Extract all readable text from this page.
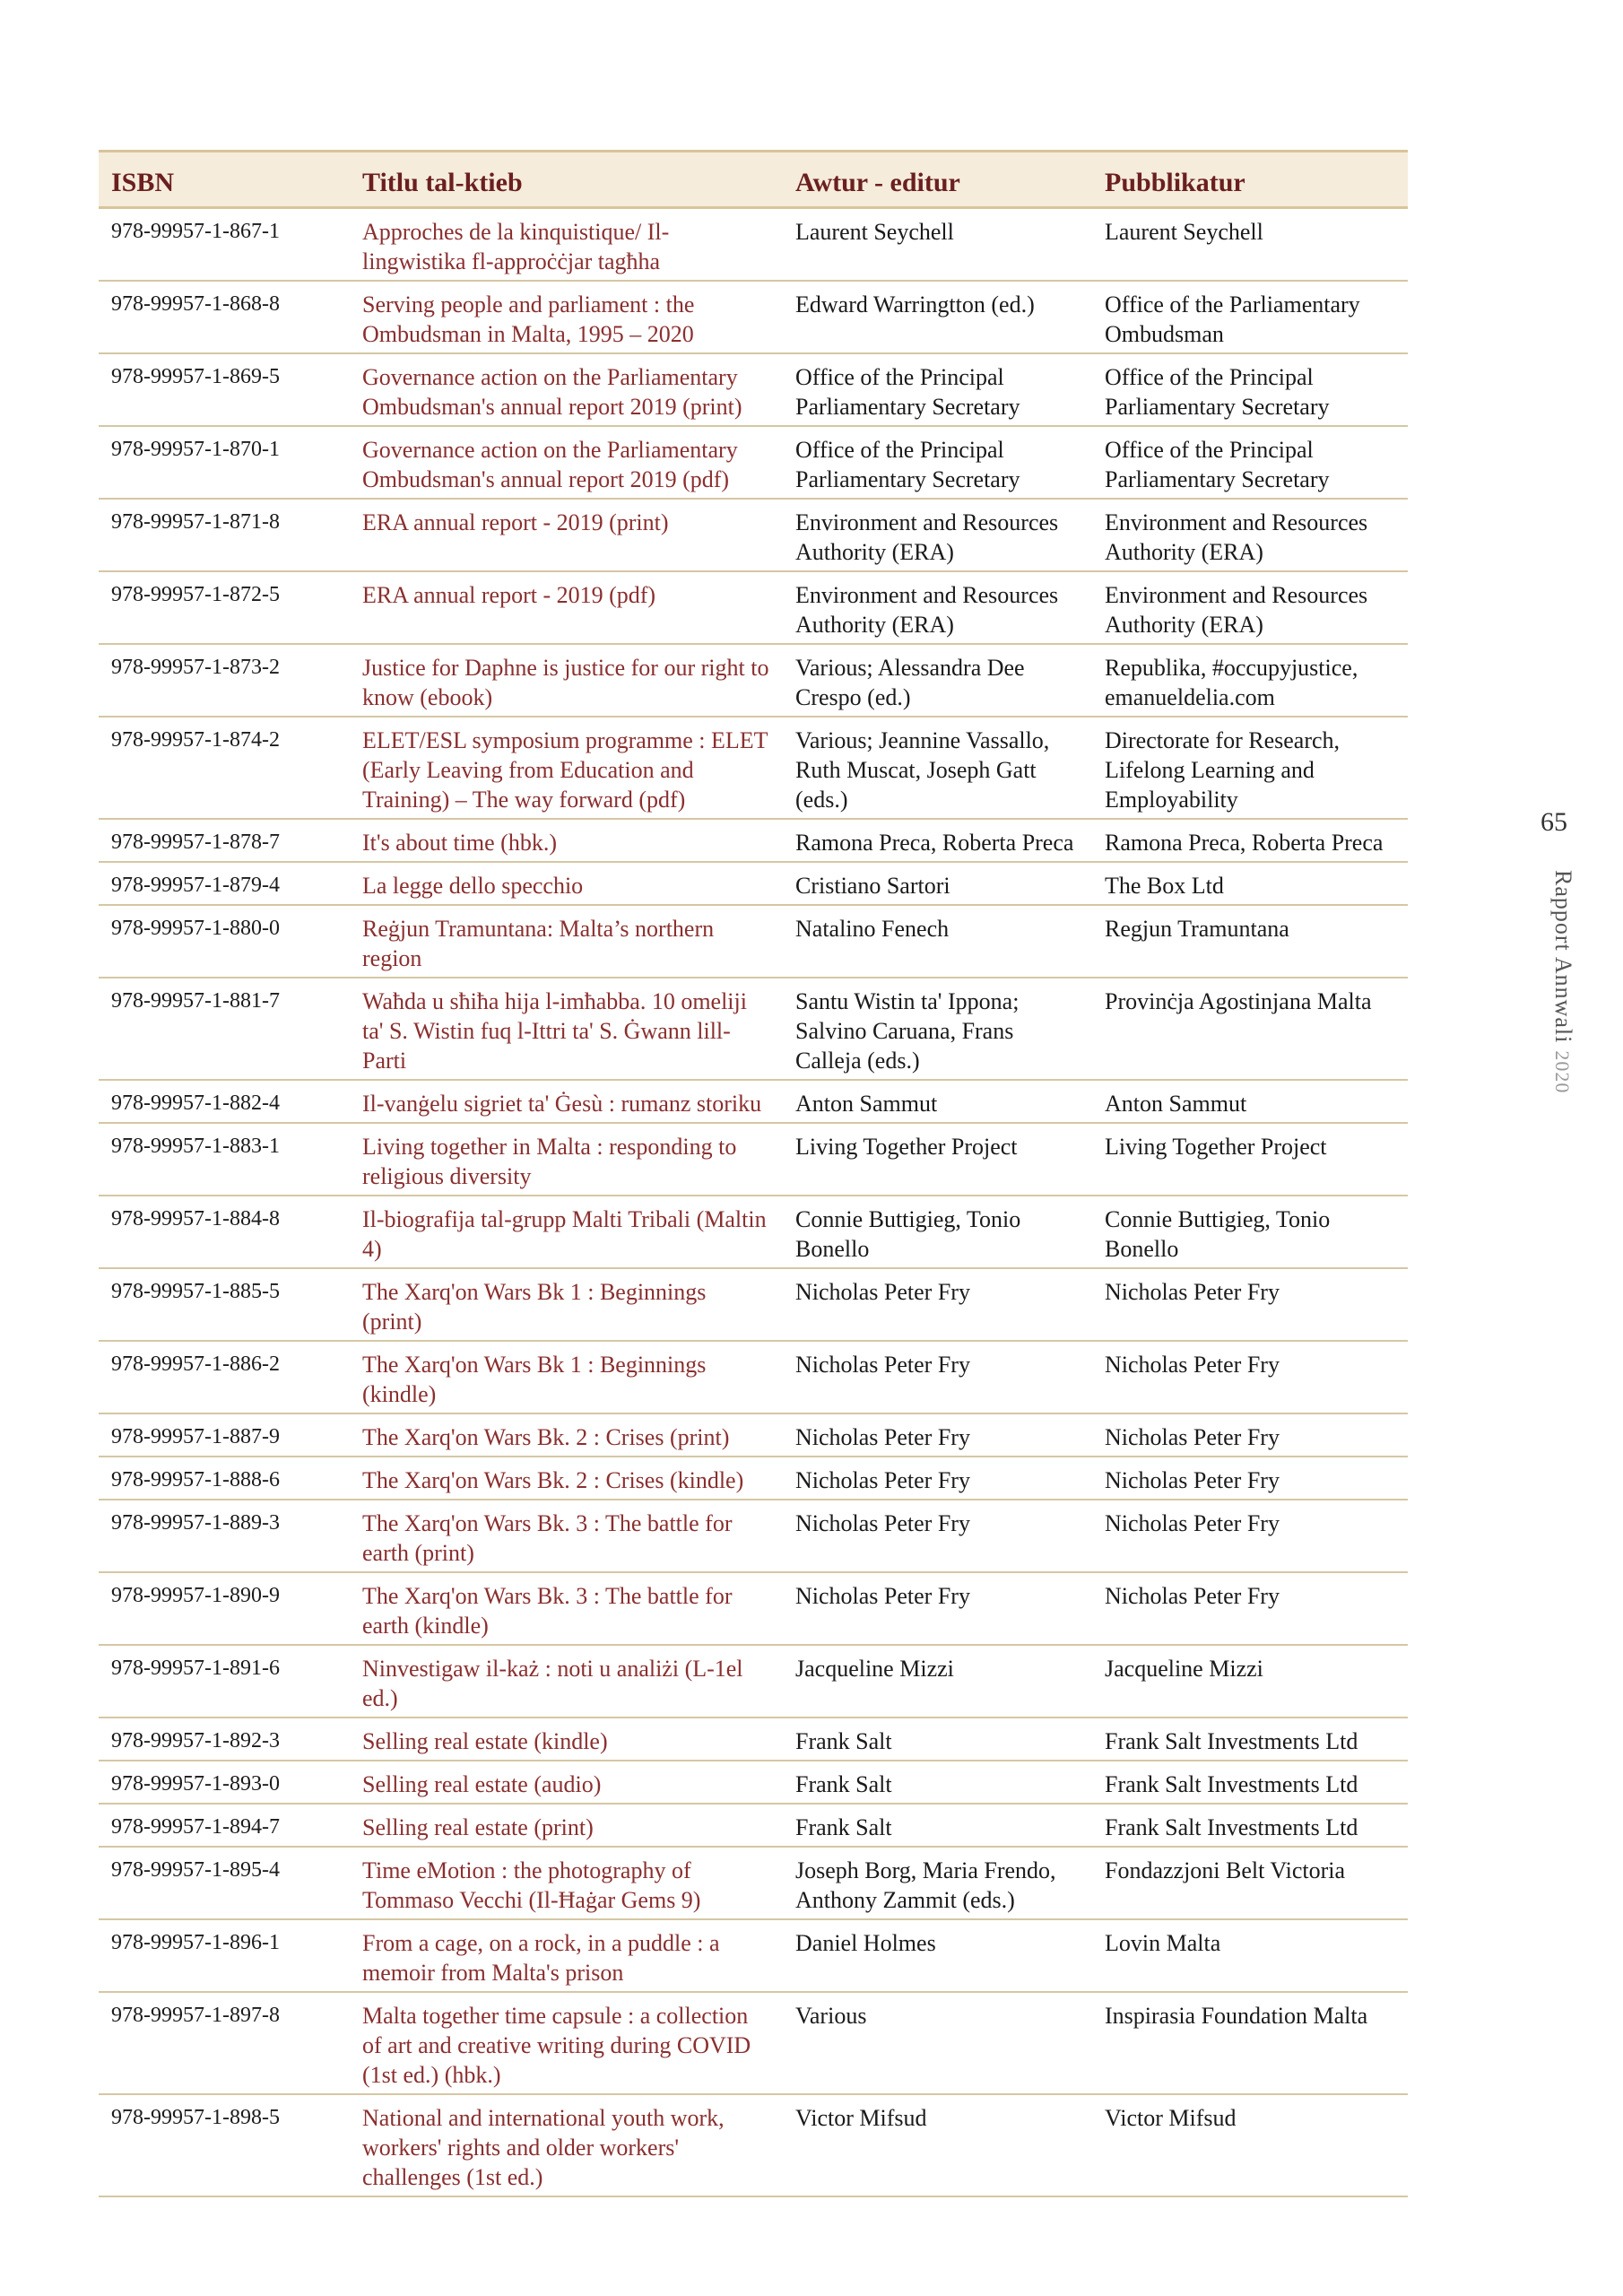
ISBN	Titlu tal-ktieb	Awtur - editur	Pubblikatur
978-99957-1-867-1	Approches de la kinquistique/ Il-lingwistika fl-approċċjar tagħha	Laurent Seychell	Laurent Seychell
978-99957-1-868-8	Serving people and parliament : the Ombudsman in Malta, 1995 – 2020	Edward Warringtton (ed.)	Office of the Parliamentary Ombudsman
978-99957-1-869-5	Governance action on the Parliamentary Ombudsman's annual report 2019 (print)	Office of the Principal Parliamentary Secretary	Office of the Principal Parliamentary Secretary
978-99957-1-870-1	Governance action on the Parliamentary Ombudsman's annual report 2019 (pdf)	Office of the Principal Parliamentary Secretary	Office of the Principal Parliamentary Secretary
978-99957-1-871-8	ERA annual report - 2019 (print)	Environment and Resources Authority (ERA)	Environment and Resources Authority (ERA)
978-99957-1-872-5	ERA annual report - 2019 (pdf)	Environment and Resources Authority (ERA)	Environment and Resources Authority (ERA)
978-99957-1-873-2	Justice for Daphne is justice for our right to know (ebook)	Various; Alessandra Dee Crespo (ed.)	Republika, #occupyjustice, emanueldelia.com
978-99957-1-874-2	ELET/ESL symposium programme : ELET (Early Leaving from Education and Training) – The way forward (pdf)	Various; Jeannine Vassallo, Ruth Muscat, Joseph Gatt (eds.)	Directorate for Research, Lifelong Learning and Employability
978-99957-1-878-7	It's about time (hbk.)	Ramona Preca, Roberta Preca	Ramona Preca, Roberta Preca
978-99957-1-879-4	La legge dello specchio	Cristiano Sartori	The Box Ltd
978-99957-1-880-0	Reġjun Tramuntana: Malta’s northern region	Natalino Fenech	Regjun Tramuntana
978-99957-1-881-7	Waħda u sħiħa hija l-imħabba. 10 omeliji ta' S. Wistin fuq l-Ittri ta' S. Ġwann lill-Parti	Santu Wistin ta' Ippona; Salvino Caruana, Frans Calleja (eds.)	Provinċja Agostinjana Malta
978-99957-1-882-4	Il-vanġelu sigriet ta' Ġesù : rumanz storiku	Anton Sammut	Anton Sammut
978-99957-1-883-1	Living together in Malta : responding to religious diversity	Living Together Project	Living Together Project
978-99957-1-884-8	Il-biografija tal-grupp Malti Tribali (Maltin 4)	Connie Buttigieg, Tonio Bonello	Connie Buttigieg, Tonio Bonello
978-99957-1-885-5	The Xarq'on Wars Bk 1 : Beginnings (print)	Nicholas Peter Fry	Nicholas Peter Fry
978-99957-1-886-2	The Xarq'on Wars Bk 1 : Beginnings (kindle)	Nicholas Peter Fry	Nicholas Peter Fry
978-99957-1-887-9	The Xarq'on Wars Bk. 2 : Crises (print)	Nicholas Peter Fry	Nicholas Peter Fry
978-99957-1-888-6	The Xarq'on Wars Bk. 2 : Crises (kindle)	Nicholas Peter Fry	Nicholas Peter Fry
978-99957-1-889-3	The Xarq'on Wars Bk. 3 : The battle for earth (print)	Nicholas Peter Fry	Nicholas Peter Fry
978-99957-1-890-9	The Xarq'on Wars Bk. 3 : The battle for earth (kindle)	Nicholas Peter Fry	Nicholas Peter Fry
978-99957-1-891-6	Ninvestigaw il-każ : noti u analiżi (L-1el ed.)	Jacqueline Mizzi	Jacqueline Mizzi
978-99957-1-892-3	Selling real estate (kindle)	Frank Salt	Frank Salt Investments Ltd
978-99957-1-893-0	Selling real estate (audio)	Frank Salt	Frank Salt Investments Ltd
978-99957-1-894-7	Selling real estate (print)	Frank Salt	Frank Salt Investments Ltd
978-99957-1-895-4	Time eMotion : the photography of Tommaso Vecchi (Il-Ħaġar Gems 9)	Joseph Borg, Maria Frendo, Anthony Zammit (eds.)	Fondazzjoni Belt Victoria
978-99957-1-896-1	From a cage, on a rock, in a puddle : a memoir from Malta's prison	Daniel Holmes	Lovin Malta
978-99957-1-897-8	Malta together time capsule : a collection of art and creative writing during COVID (1st ed.) (hbk.)	Various	Inspirasia Foundation Malta
978-99957-1-898-5	National and international youth work, workers' rights and older workers' challenges (1st ed.)	Victor Mifsud	Victor Mifsud
65
Rapport Annwali2020
